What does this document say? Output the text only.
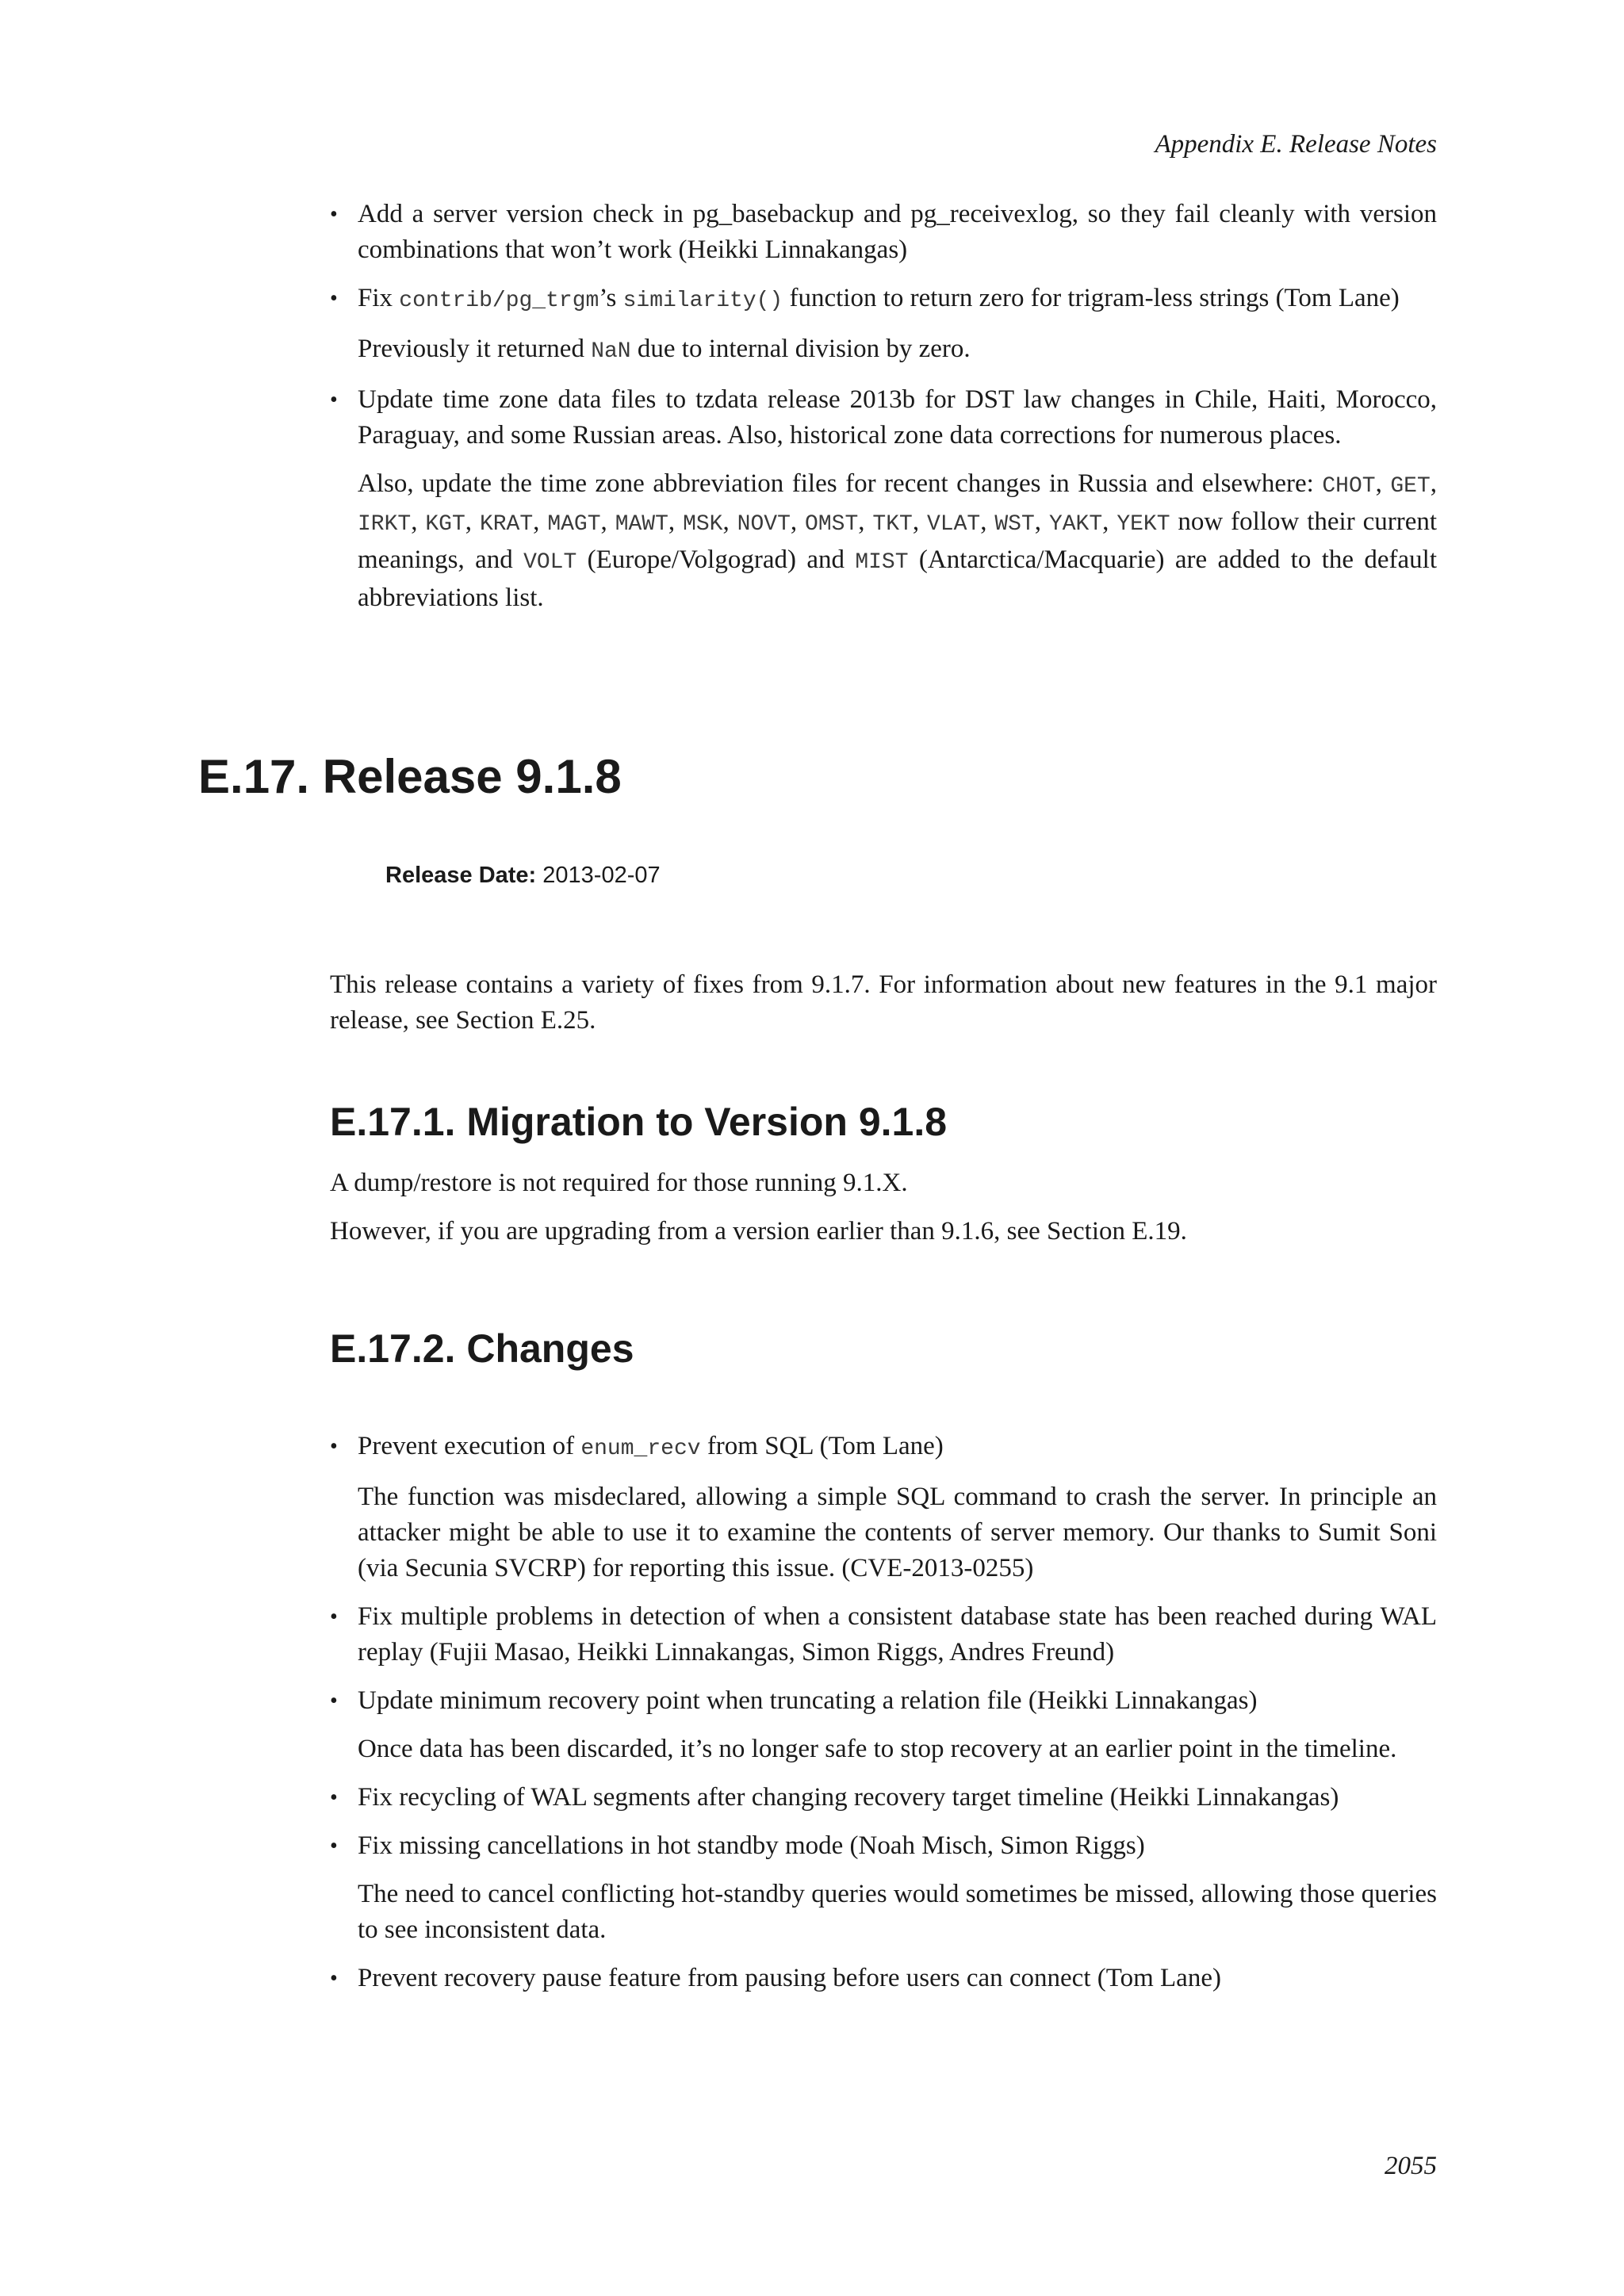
Appendix E. Release Notes

• Add a server version check in pg_basebackup and pg_receivexlog, so they fail cleanly with version combinations that won’t work (Heikki Linnakangas)

• Fix contrib/pg_trgm’s similarity() function to return zero for trigram-less strings (Tom Lane)

Previously it returned NaN due to internal division by zero.

• Update time zone data files to tzdata release 2013b for DST law changes in Chile, Haiti, Morocco, Paraguay, and some Russian areas. Also, historical zone data corrections for numerous places.

Also, update the time zone abbreviation files for recent changes in Russia and elsewhere: CHOT, GET, IRKT, KGT, KRAT, MAGT, MAWT, MSK, NOVT, OMST, TKT, VLAT, WST, YAKT, YEKT now follow their current meanings, and VOLT (Europe/Volgograd) and MIST (Antarctica/Macquarie) are added to the default abbreviations list.

E.17. Release 9.1.8
Release Date: 2013-02-07

This release contains a variety of fixes from 9.1.7. For information about new features in the 9.1 major release, see Section E.25.

E.17.1. Migration to Version 9.1.8

A dump/restore is not required for those running 9.1.X.

However, if you are upgrading from a version earlier than 9.1.6, see Section E.19.

E.17.2. Changes

• Prevent execution of enum_recv from SQL (Tom Lane)

The function was misdeclared, allowing a simple SQL command to crash the server. In principle an attacker might be able to use it to examine the contents of server memory. Our thanks to Sumit Soni (via Secunia SVCRP) for reporting this issue. (CVE-2013-0255)

• Fix multiple problems in detection of when a consistent database state has been reached during WAL replay (Fujii Masao, Heikki Linnakangas, Simon Riggs, Andres Freund)

• Update minimum recovery point when truncating a relation file (Heikki Linnakangas)

Once data has been discarded, it’s no longer safe to stop recovery at an earlier point in the timeline.

• Fix recycling of WAL segments after changing recovery target timeline (Heikki Linnakangas)

• Fix missing cancellations in hot standby mode (Noah Misch, Simon Riggs)

The need to cancel conflicting hot-standby queries would sometimes be missed, allowing those queries to see inconsistent data.

• Prevent recovery pause feature from pausing before users can connect (Tom Lane)

2055
